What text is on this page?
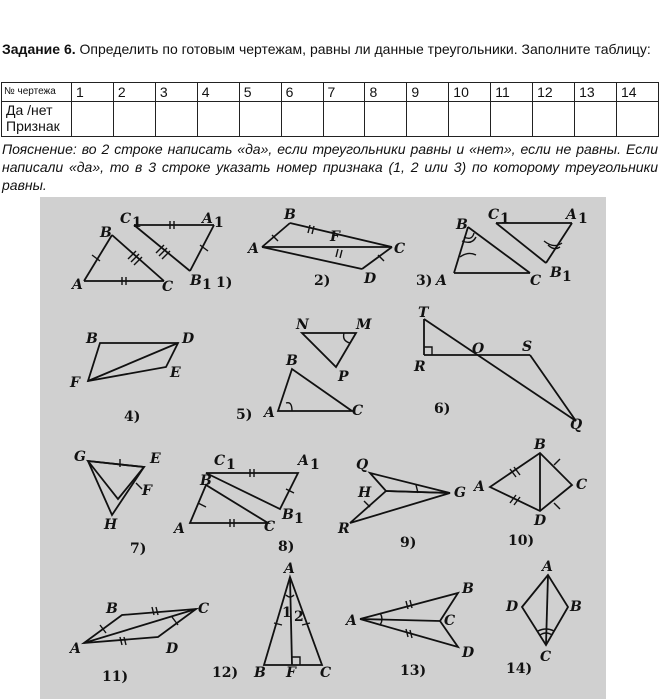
Задание 6. Определить по готовым чертежам, равны ли данные треугольники. Заполните таблицу:
№ чертежа	1	2	3	4	5	6	7	8	9	10	11	12	13	14
Да /нет
Признак														
Пояснение: во 2 строке написать «да», если треугольники равны и «нет», если не равны. Если написали «да», то в 3 строке указать номер признака (1, 2 или 3) по которому треугольники равны.
B
C 1	A 1
A	C B 1 1)
B
A
F
C
D
2)
B
C 1	A 1
A	C B 1
3)
B	D
F
E
4)
N	M
B
P
A	C
5)
T
R
O	S
Q
6)
G	E
F
H
7)
B
C 1	A 1
B 1
A	C
8)
Q
H	G
R
9)
B
A	C
D
10)
B	C
A	D
11)
A
1 2
B F C
12)
B
A	C
D
13)
A
D	B
C
14)
